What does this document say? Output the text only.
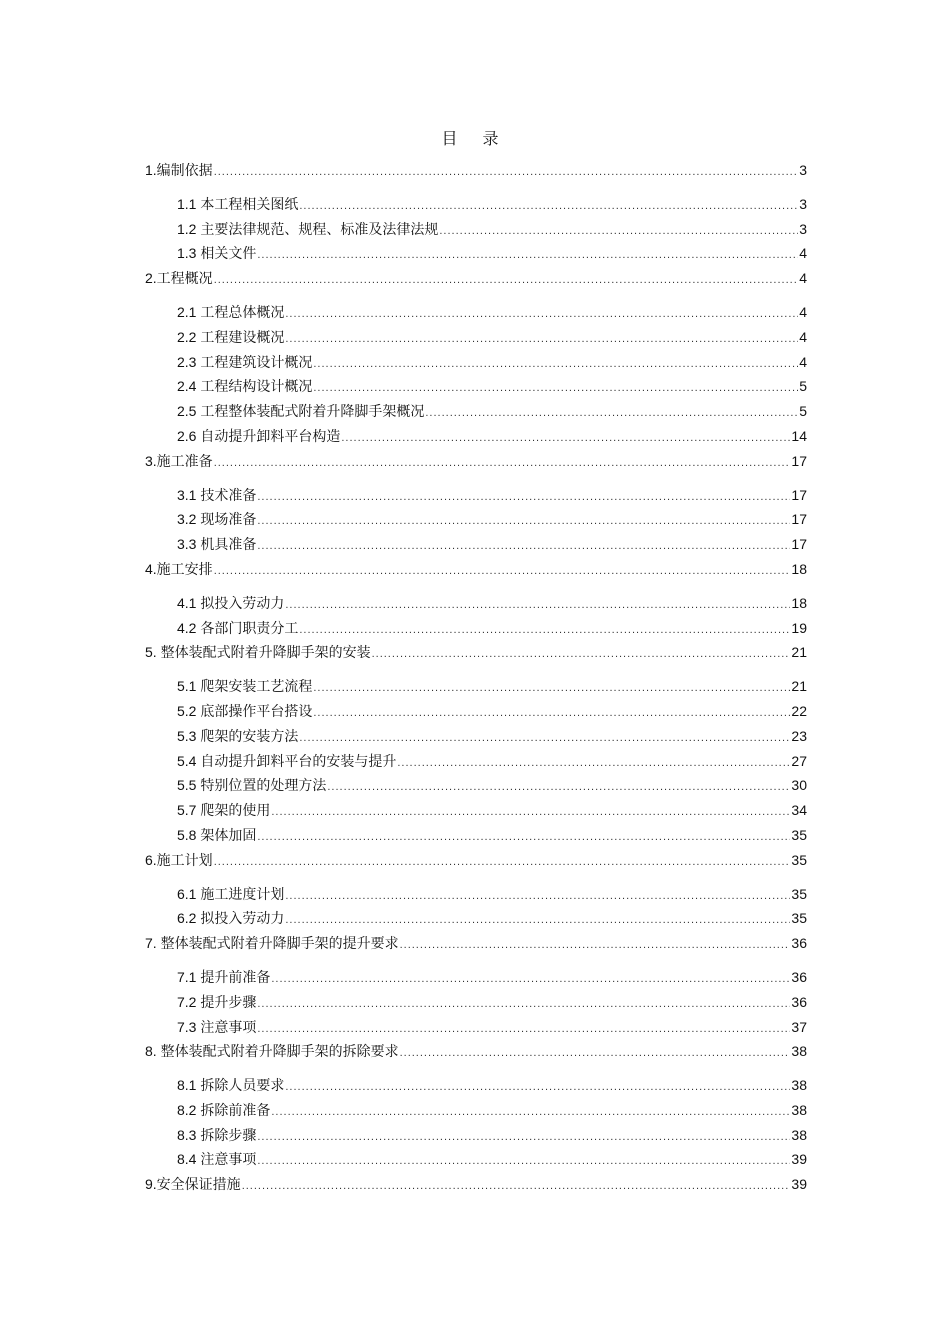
目 录
1.编制依据 .....	3
1.1 本工程相关图纸 .....	3
1.2 主要法律规范、规程、标准及法律法规 .....	3
1.3 相关文件 .....	4
2.工程概况 .....	4
2.1 工程总体概况 .....	4
2.2 工程建设概况 .....	4
2.3 工程建筑设计概况 .....	4
2.4 工程结构设计概况 .....	5
2.5 工程整体装配式附着升降脚手架概况 .....	5
2.6 自动提升卸料平台构造 .....	14
3.施工准备 .....	17
3.1 技术准备 .....	17
3.2 现场准备 .....	17
3.3 机具准备 .....	17
4.施工安排 .....	18
4.1 拟投入劳动力 .....	18
4.2 各部门职责分工 .....	19
5. 整体装配式附着升降脚手架的安装 .....	21
5.1 爬架安装工艺流程 .....	21
5.2 底部操作平台搭设 .....	22
5.3 爬架的安装方法 .....	23
5.4 自动提升卸料平台的安装与提升 .....	27
5.5 特别位置的处理方法 .....	30
5.7 爬架的使用 .....	34
5.8 架体加固 .....	35
6.施工计划 .....	35
6.1 施工进度计划 .....	35
6.2 拟投入劳动力 .....	35
7. 整体装配式附着升降脚手架的提升要求 .....	36
7.1 提升前准备 .....	36
7.2 提升步骤 .....	36
7.3 注意事项 .....	37
8. 整体装配式附着升降脚手架的拆除要求 .....	38
8.1 拆除人员要求 .....	38
8.2 拆除前准备 .....	38
8.3 拆除步骤 .....	38
8.4 注意事项 .....	39
9.安全保证措施 .....	39
